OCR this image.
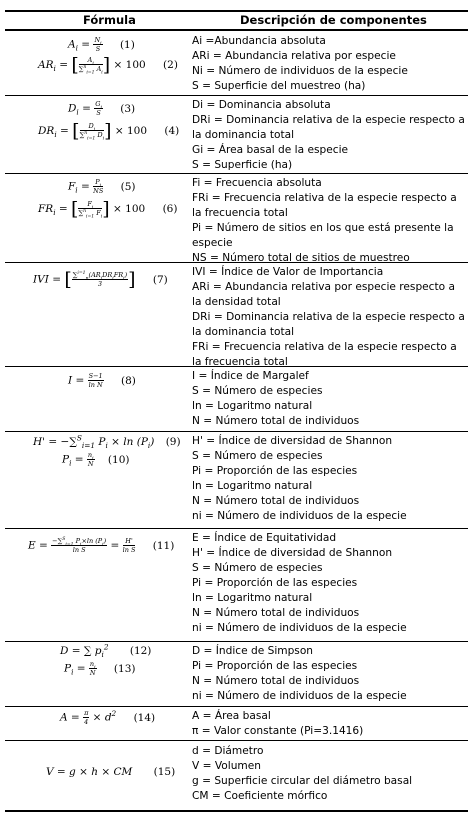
Fórmula	Descripción de componentes
$A_i = \frac{N_i}{S} (1)$
$AR_i$ = [ $\frac{A_i}{\sum^n_{i=1} A_i}$ ] × 100 (2)
$D_i = \frac{G_i}{S} (3)$
$DR_i$ = [ $\frac{D_i}{\sum^n_{i=1} D_i}$ ] × 100 (4)
$F_i = \frac{P_i}{NS} (5)$
$FR_i$ = [ $\frac{F_i}{\sum^n_{i=1} F_i}$ ] × 100 (6)
IVI = [ $\frac{\sum^{i=1}_n(AR_iDR_iFR_i)}{3}$ ] (7)
$I = \frac{S-1}{\text{ln N}} (8)$
H' = −∑$^S_{i=1}$ $P_i \times \ln (P_i)$ (9)
$P_i = \frac{n_i}{N} (10)$
$E = \frac{-\sum^S_{i=1} P_i\times\ln (P_i)}{\text{ln S}} = \frac{H'}{\text{ln S}} (11)$
D = ∑ $p_i^2$ (12)
$P_i = \frac{n_i}{N} (13)$
$A = \frac{\pi}{4} \times d^2$ (14)
V = g × h × CM (15)
Ai =Abundancia absoluta
ARi = Abundancia relativa por especie
Ni = Número de individuos de la especie
S = Superficie del muestreo (ha)
Di = Dominancia absoluta
DRi = Dominancia relativa de la especie respecto a la dominancia total
Gi = Área basal de la especie
S = Superficie (ha)
Fi = Frecuencia absoluta
FRi = Frecuencia relativa de la especie respecto a la frecuencia total
Pi = Número de sitios en los que está presente la especie
NS = Número total de sitios de muestreo
IVI = Índice de Valor de Importancia
ARi = Abundancia relativa por especie respecto a la densidad total
DRi = Dominancia relativa de la especie respecto a la dominancia total
FRi = Frecuencia relativa de la especie respecto a la frecuencia total
I = Índice de Margalef
S = Número de especies
ln = Logaritmo natural
N = Número total de individuos
H' = Índice de diversidad de Shannon
S = Número de especies
Pi = Proporción de las especies
ln = Logaritmo natural
N = Número total de individuos
ni = Número de individuos de la especie
E = Índice de Equitatividad
H' = Índice de diversidad de Shannon
S = Número de especies
Pi = Proporción de las especies
ln = Logaritmo natural
N = Número total de individuos
ni = Número de individuos de la especie
D = Índice de Simpson
Pi = Proporción de las especies
N = Número total de individuos
ni = Número de individuos de la especie
A = Área basal
π = Valor constante (Pi=3.1416)
d = Diámetro
V = Volumen
g = Superficie circular del diámetro basal
CM = Coeficiente mórfico
